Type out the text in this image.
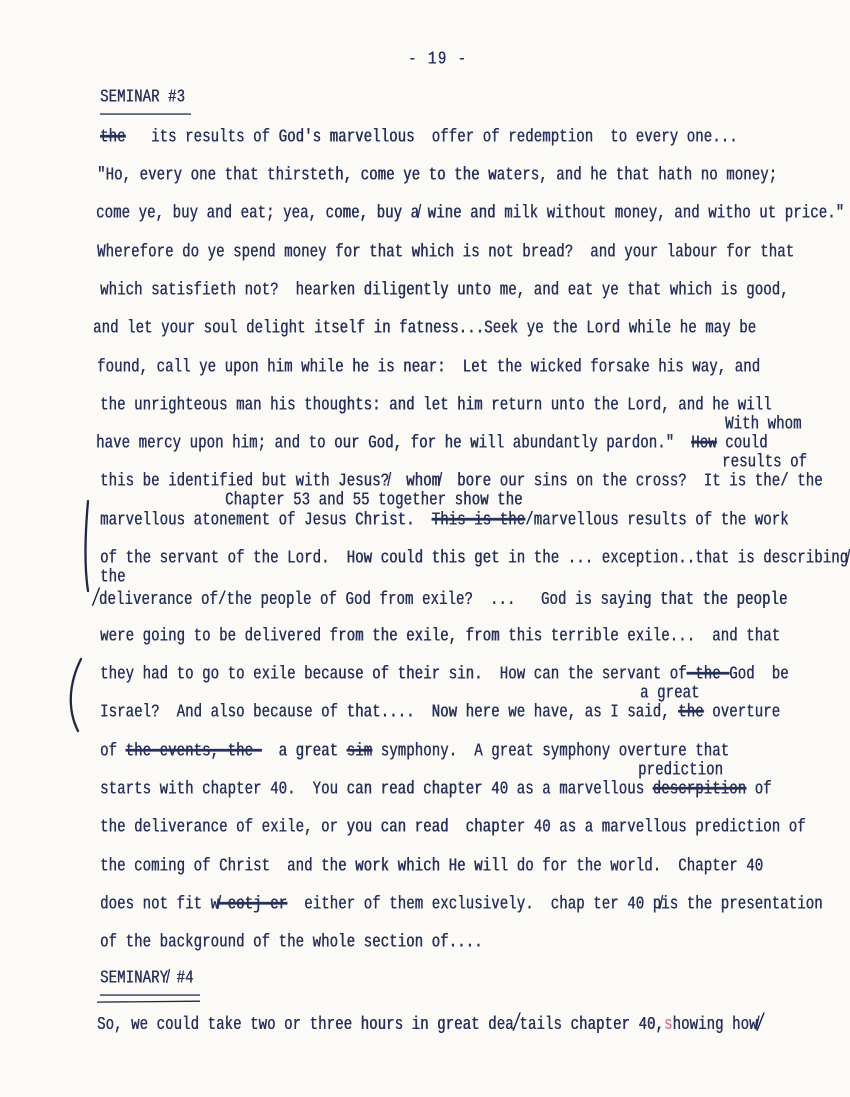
- 19 -
SEMINAR #3
the   its results of God's marvellous  offer of redemption  to every one...
"Ho, every one that thirsteth, come ye to the waters, and he that hath no money;
come ye, buy and eat; yea, come, buy a̸ wine and milk without money, and witho ut price."
Wherefore do ye spend money for that which is not bread?  and your labour for that
which satisfieth not?  hearken diligently unto me, and eat ye that which is good,
and let your soul delight itself in fatness...Seek ye the Lord while he may be
found, call ye upon him while he is near:  Let the wicked forsake his way, and
the unrighteous man his thoughts: and let him return unto the Lord, and he will
With whom
have mercy upon him; and to our God, for he will abundantly pardon."  How could
results of
this be identified but with Jesus?̸  whom̸  bore our sins on the cross?  It is the/ the
Chapter 53 and 55 together show the
marvellous atonement of Jesus Christ.  This is the/marvellous results of the work
of the servant of the Lord.  How could this get in the ... exception..that is describing̸
the
/deliverance of/the people of God from exile?  ...   God is saying that the people
were going to be delivered from the exile, from this terrible exile...  and that
they had to go to exile because of their sin.  How can the servant of the God  be
a great
Israel?  And also because of that....  Now here we have, as I said, the overture
of the events, the-  a great sim symphony.  A great symphony overture that
prediction
starts with chapter 40.  You can read chapter 40 as a marvellous descrpition of
the deliverance of exile, or you can read  chapter 40 as a marvellous prediction of
the coming of Christ  and the work which He will do for the world.  Chapter 40
does not fit w̸-eotj-er  either of them exclusively.  chap ter 40 p̸is the presentation
of the background of the whole section of....
SEMINARY̸ #4
So, we could take two or three hours in great dea/tails chapter 40,showing how̸/
